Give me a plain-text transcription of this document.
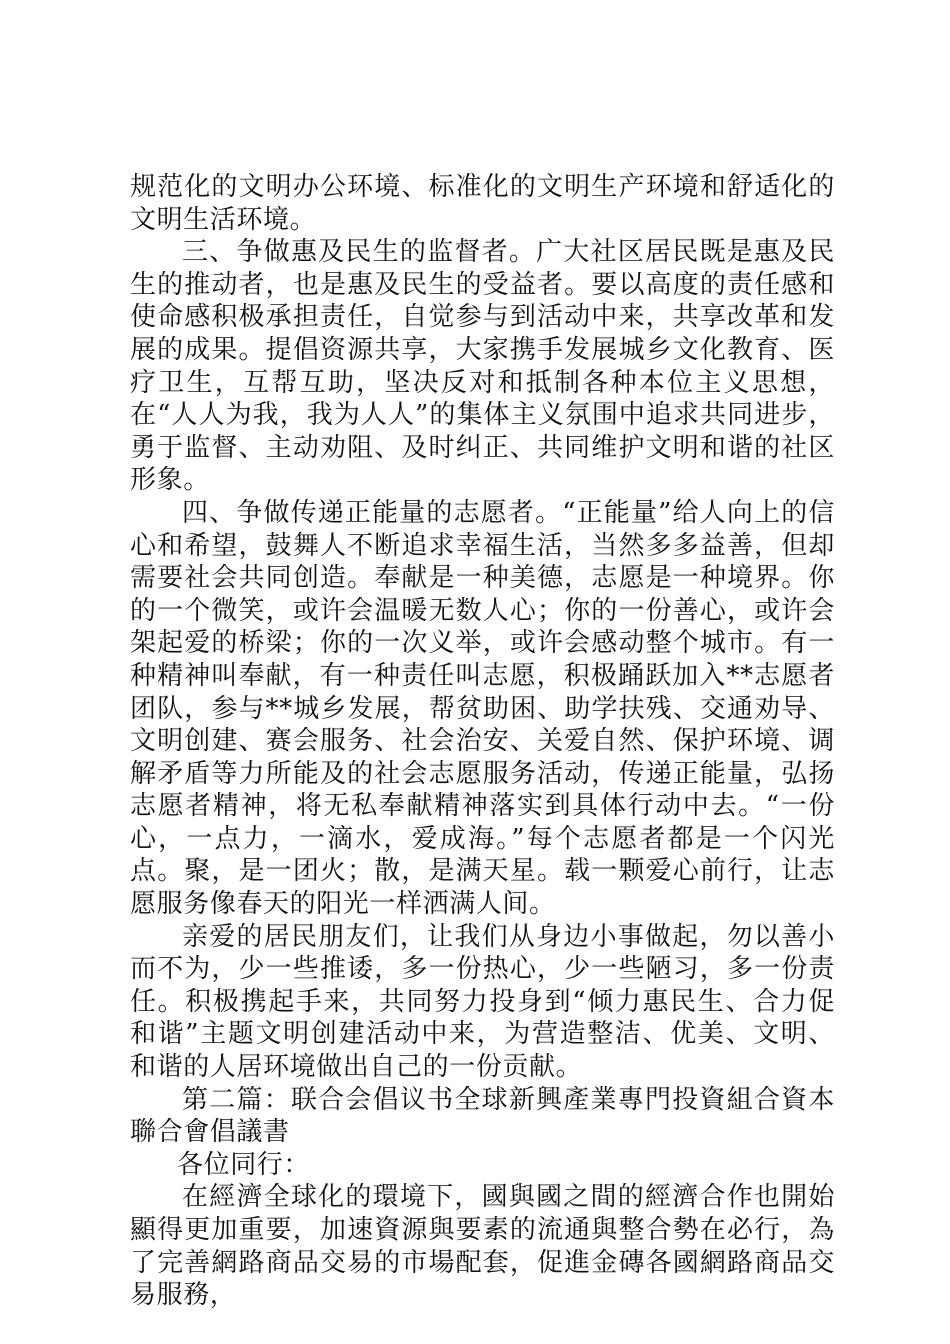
规范化的文明办公环境、标准化的文明生产环境和舒适化的文明生活环境。

三、争做惠及民生的监督者。广大社区居民既是惠及民生的推动者，也是惠及民生的受益者。要以高度的责任感和使命感积极承担责任，自觉参与到活动中来，共享改革和发展的成果。提倡资源共享，大家携手发展城乡文化教育、医疗卫生，互帮互助，坚决反对和抵制各种本位主义思想，在“人人为我，我为人人”的集体主义氛围中追求共同进步，勇于监督、主动劝阻、及时纠正、共同维护文明和谐的社区形象。

四、争做传递正能量的志愿者。“正能量”给人向上的信心和希望，鼓舞人不断追求幸福生活，当然多多益善，但却需要社会共同创造。奉献是一种美德，志愿是一种境界。你的一个微笑，或许会温暖无数人心；你的一份善心，或许会架起爱的桥梁；你的一次义举，或许会感动整个城市。有一种精神叫奉献，有一种责任叫志愿，积极踊跃加入**志愿者团队，参与**城乡发展，帮贫助困、助学扶残、交通劝导、文明创建、赛会服务、社会治安、关爱自然、保护环境、调解矛盾等力所能及的社会志愿服务活动，传递正能量，弘扬志愿者精神，将无私奉献精神落实到具体行动中去。“一份心，一点力，一滴水，爱成海。”每个志愿者都是一个闪光点。聚，是一团火；散，是满天星。载一颗爱心前行，让志愿服务像春天的阳光一样洒满人间。

亲爱的居民朋友们，让我们从身边小事做起，勿以善小而不为，少一些推诿，多一份热心，少一些陋习，多一份责任。积极携起手来，共同努力投身到“倾力惠民生、合力促和谐”主题文明创建活动中来，为营造整洁、优美、文明、和谐的人居环境做出自己的一份贡献。

第二篇：联合会倡议书全球新興產業專門投資組合資本聯合會倡議書

各位同行：

在經濟全球化的環境下，國與國之間的經濟合作也開始顯得更加重要，加速資源與要素的流通與整合勢在必行，為了完善網路商品交易的市場配套，促進金磚各國網路商品交易服務，
